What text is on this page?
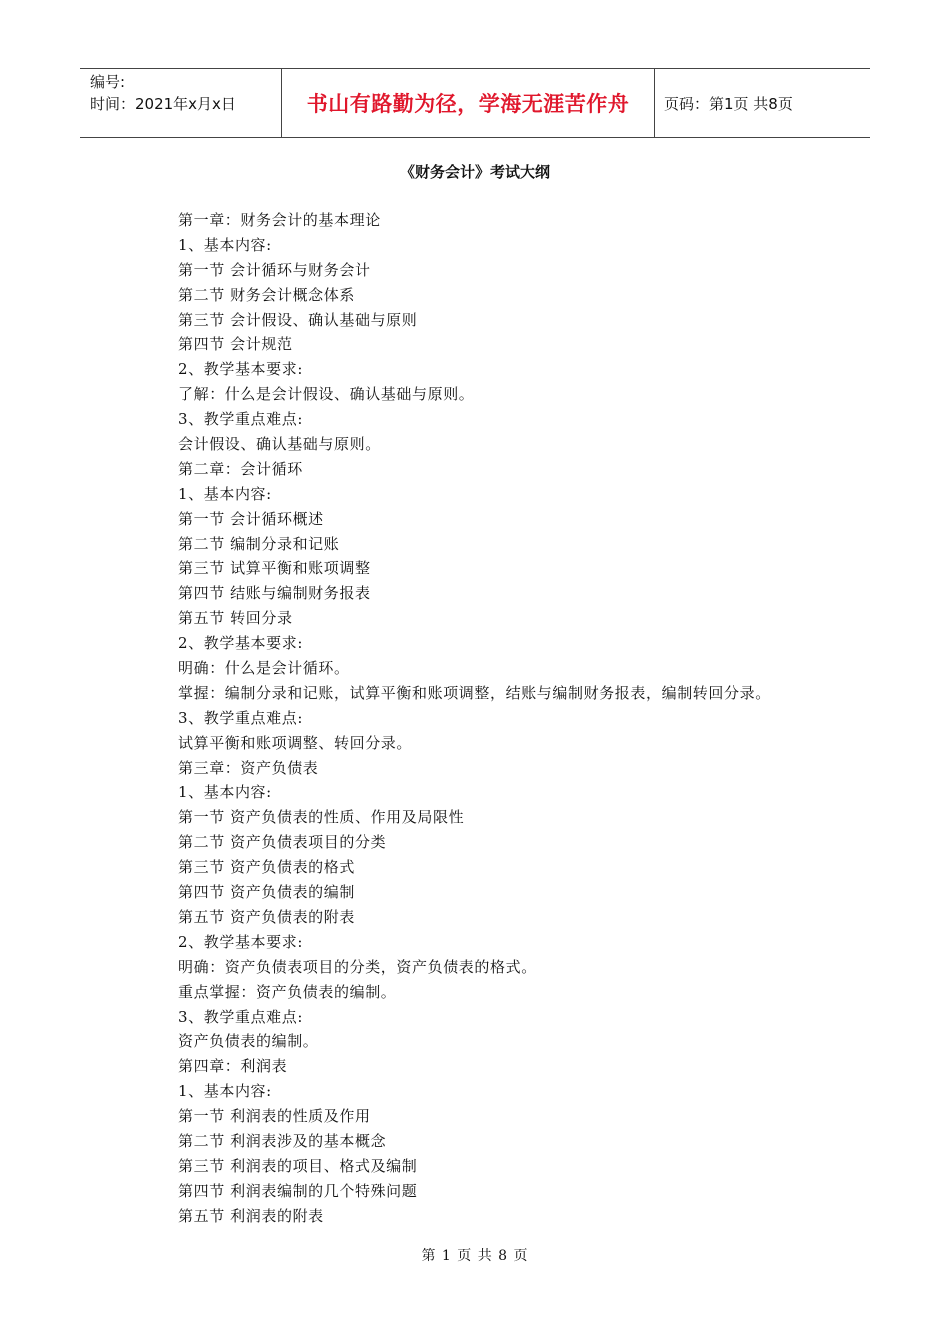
编号:
时间：2021年x月x日	书山有路勤为径，学海无涯苦作舟 页码：第1页 共8页
《财务会计》考试大纲
第一章：财务会计的基本理论
1、基本内容:
第一节 会计循环与财务会计
第二节 财务会计概念体系
第三节 会计假设、确认基础与原则
第四节 会计规范
2、教学基本要求:
了解：什么是会计假设、确认基础与原则。
3、教学重点难点:
会计假设、确认基础与原则。
第二章：会计循环
1、基本内容:
第一节 会计循环概述
第二节 编制分录和记账
第三节 试算平衡和账项调整
第四节 结账与编制财务报表
第五节 转回分录
2、教学基本要求:
明确：什么是会计循环。
掌握：编制分录和记账，试算平衡和账项调整，结账与编制财务报表，编制转回分录。
3、教学重点难点:
试算平衡和账项调整、转回分录。
第三章：资产负债表
1、基本内容:
第一节 资产负债表的性质、作用及局限性
第二节 资产负债表项目的分类
第三节 资产负债表的格式
第四节 资产负债表的编制
第五节 资产负债表的附表
2、教学基本要求:
明确：资产负债表项目的分类，资产负债表的格式。
重点掌握：资产负债表的编制。
3、教学重点难点:
资产负债表的编制。
第四章：利润表
1、基本内容:
第一节 利润表的性质及作用
第二节 利润表涉及的基本概念
第三节 利润表的项目、格式及编制
第四节 利润表编制的几个特殊问题
第五节 利润表的附表
第 1 页 共 8 页
